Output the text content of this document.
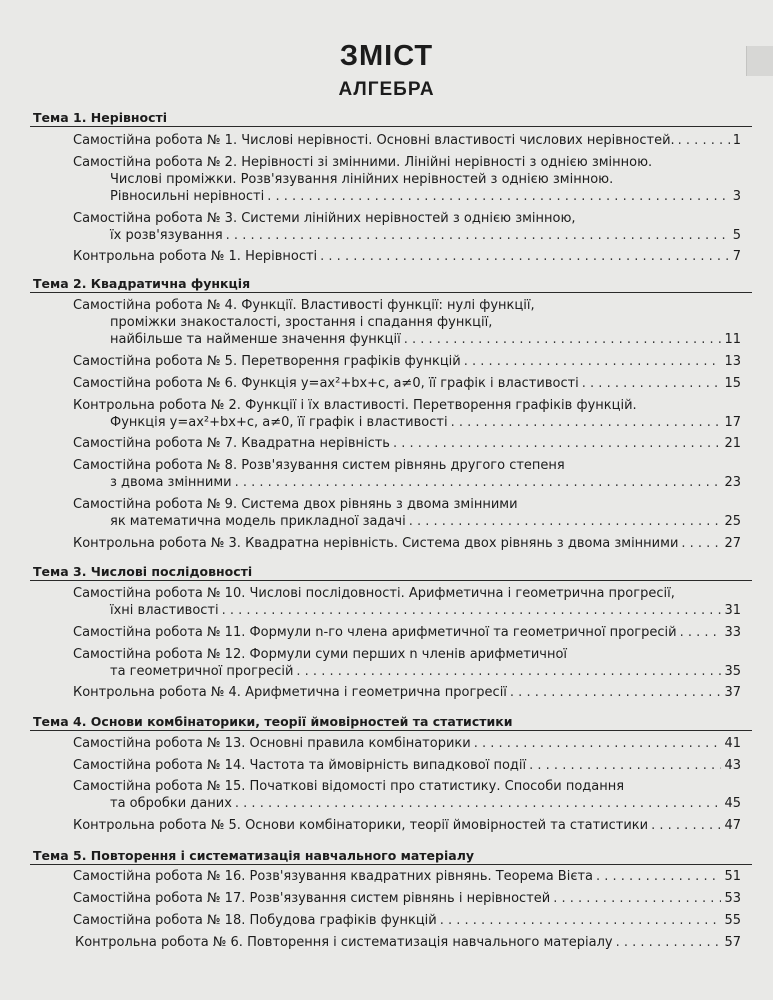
ЗМІСТ
АЛГЕБРА
Тема 1. Нерівності
Самостійна робота № 1. Числові нерівності. Основні властивості числових нерівностей. . . .	1
Самостійна робота № 2. Нерівності зі змінними. Лінійні нерівності з однією змінною.
Числові проміжки. Розв'язування лінійних нерівностей з однією змінною.
Рівносильні нерівності . . .	3
Самостійна робота № 3. Системи лінійних нерівностей з однією змінною,
їх розв'язування . . .	5
Контрольна робота № 1. Нерівності . . .	7
Тема 2. Квадратична функція
Самостійна робота № 4. Функції. Властивості функції: нулі функції,
проміжки знакосталості, зростання і спадання функції,
найбільше та найменше значення функції . . .	11
Самостійна робота № 5. Перетворення графіків функцій . . .	13
Самостійна робота № 6. Функція y=ax²+bx+c, a≠0, її графік і властивості . . .	15
Контрольна робота № 2. Функції і їх властивості. Перетворення графіків функцій.
Функція y=ax²+bx+c, a≠0, її графік і властивості . . .	17
Самостійна робота № 7. Квадратна нерівність . . .	21
Самостійна робота № 8. Розв'язування систем рівнянь другого степеня
з двома змінними . . .	23
Самостійна робота № 9. Система двох рівнянь з двома змінними
як математична модель прикладної задачі . . .	25
Контрольна робота № 3. Квадратна нерівність. Система двох рівнянь з двома змінними . . .	27
Тема 3. Числові послідовності
Самостійна робота № 10. Числові послідовності. Арифметична і геометрична прогресії,
їхні властивості . . .	31
Самостійна робота № 11. Формули n-го члена арифметичної та геометричної прогресій . . .	33
Самостійна робота № 12. Формули суми перших n членів арифметичної
та геометричної прогресій . . .	35
Контрольна робота № 4. Арифметична і геометрична прогресії . . .	37
Тема 4. Основи комбінаторики, теорії ймовірностей та статистики
Самостійна робота № 13. Основні правила комбінаторики . . .	41
Самостійна робота № 14. Частота та ймовірність випадкової події . . .	43
Самостійна робота № 15. Початкові відомості про статистику. Способи подання
та обробки даних . . .	45
Контрольна робота № 5. Основи комбінаторики, теорії ймовірностей та статистики . . .	47
Тема 5. Повторення і систематизація навчального матеріалу
Самостійна робота № 16. Розв'язування квадратних рівнянь. Теорема Вієта . . .	51
Самостійна робота № 17. Розв'язування систем рівнянь і нерівностей . . .	53
Самостійна робота № 18. Побудова графіків функцій . . .	55
Контрольна робота № 6. Повторення і систематизація навчального матеріалу . . .	57
